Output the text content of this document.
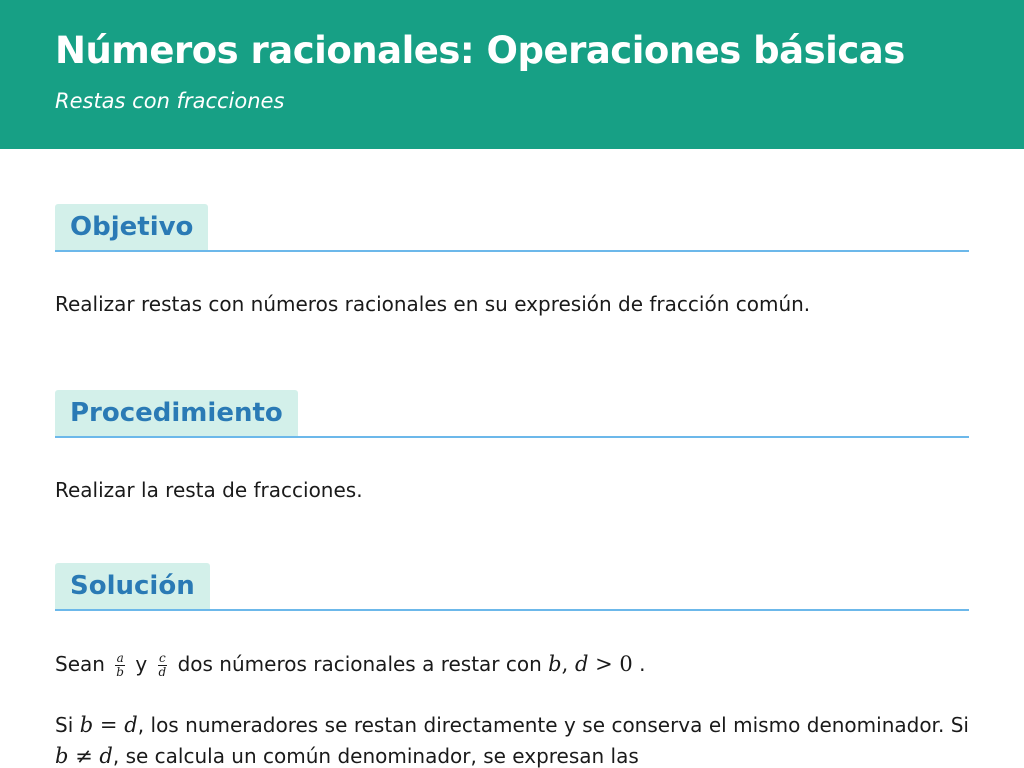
Números racionales: Operaciones básicas
Restas con fracciones
Objetivo

Realizar restas con números racionales en su expresión de fracción común.

Procedimiento

Realizar la resta de fracciones.

Solución

Sean $\frac{a}{b}$ y $\frac{c}{d}$ dos números racionales a restar con b, d > 0 .

Si b = d, los numeradores se restan directamente y se conserva el mismo denominador. Si b ≠ d, se calcula un común denominador, se expresan las
